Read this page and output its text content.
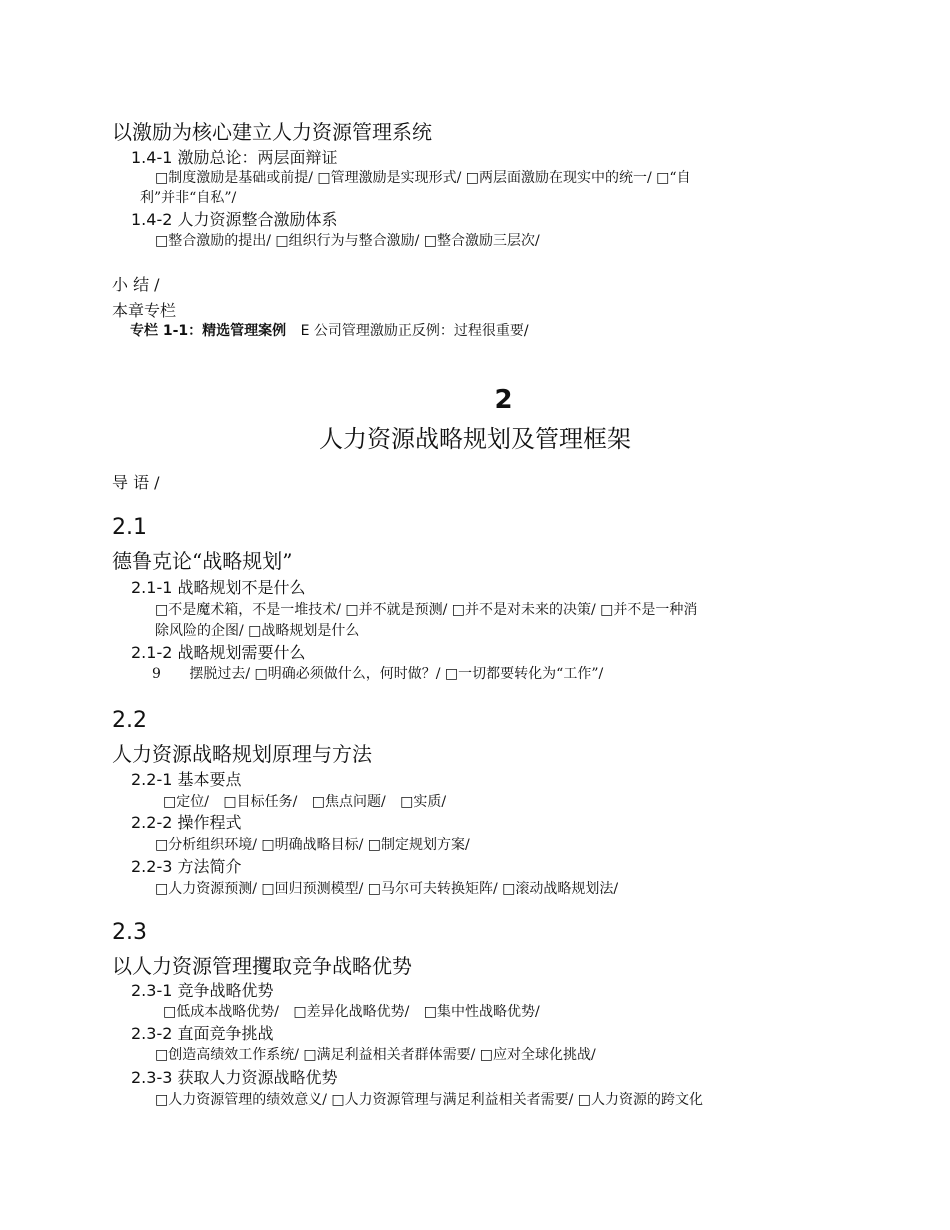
以激励为核心建立人力资源管理系统
1.4-1 激励总论：两层面辩证
□制度激励是基础或前提/ □管理激励是实现形式/ □两层面激励在现实中的统一/ □“自
利”并非“自私”/
1.4-2 人力资源整合激励体系
□整合激励的提出/ □组织行为与整合激励/ □整合激励三层次/
小 结 /
本章专栏
专栏 1-1：精选管理案例 E 公司管理激励正反例：过程很重要/
2
人力资源战略规划及管理框架
导 语 /
2.1
德鲁克论“战略规划”
2.1-1 战略规划不是什么
□不是魔术箱，不是一堆技术/ □并不就是预测/ □并不是对未来的决策/ □并不是一种消
除风险的企图/ □战略规划是什么
2.1-2 战略规划需要什么
9 摆脱过去/ □明确必须做什么，何时做？/ □一切都要转化为“工作”/
2.2
人力资源战略规划原理与方法
2.2-1 基本要点
□定位/ □目标任务/ □焦点问题/ □实质/
2.2-2 操作程式
□分析组织环境/ □明确战略目标/ □制定规划方案/
2.2-3 方法简介
□人力资源预测/ □回归预测模型/ □马尔可夫转换矩阵/ □滚动战略规划法/
2.3
以人力资源管理攫取竞争战略优势
2.3-1 竞争战略优势
□低成本战略优势/ □差异化战略优势/ □集中性战略优势/
2.3-2 直面竞争挑战
□创造高绩效工作系统/ □满足利益相关者群体需要/ □应对全球化挑战/
2.3-3 获取人力资源战略优势
□人力资源管理的绩效意义/ □人力资源管理与满足利益相关者需要/ □人力资源的跨文化
